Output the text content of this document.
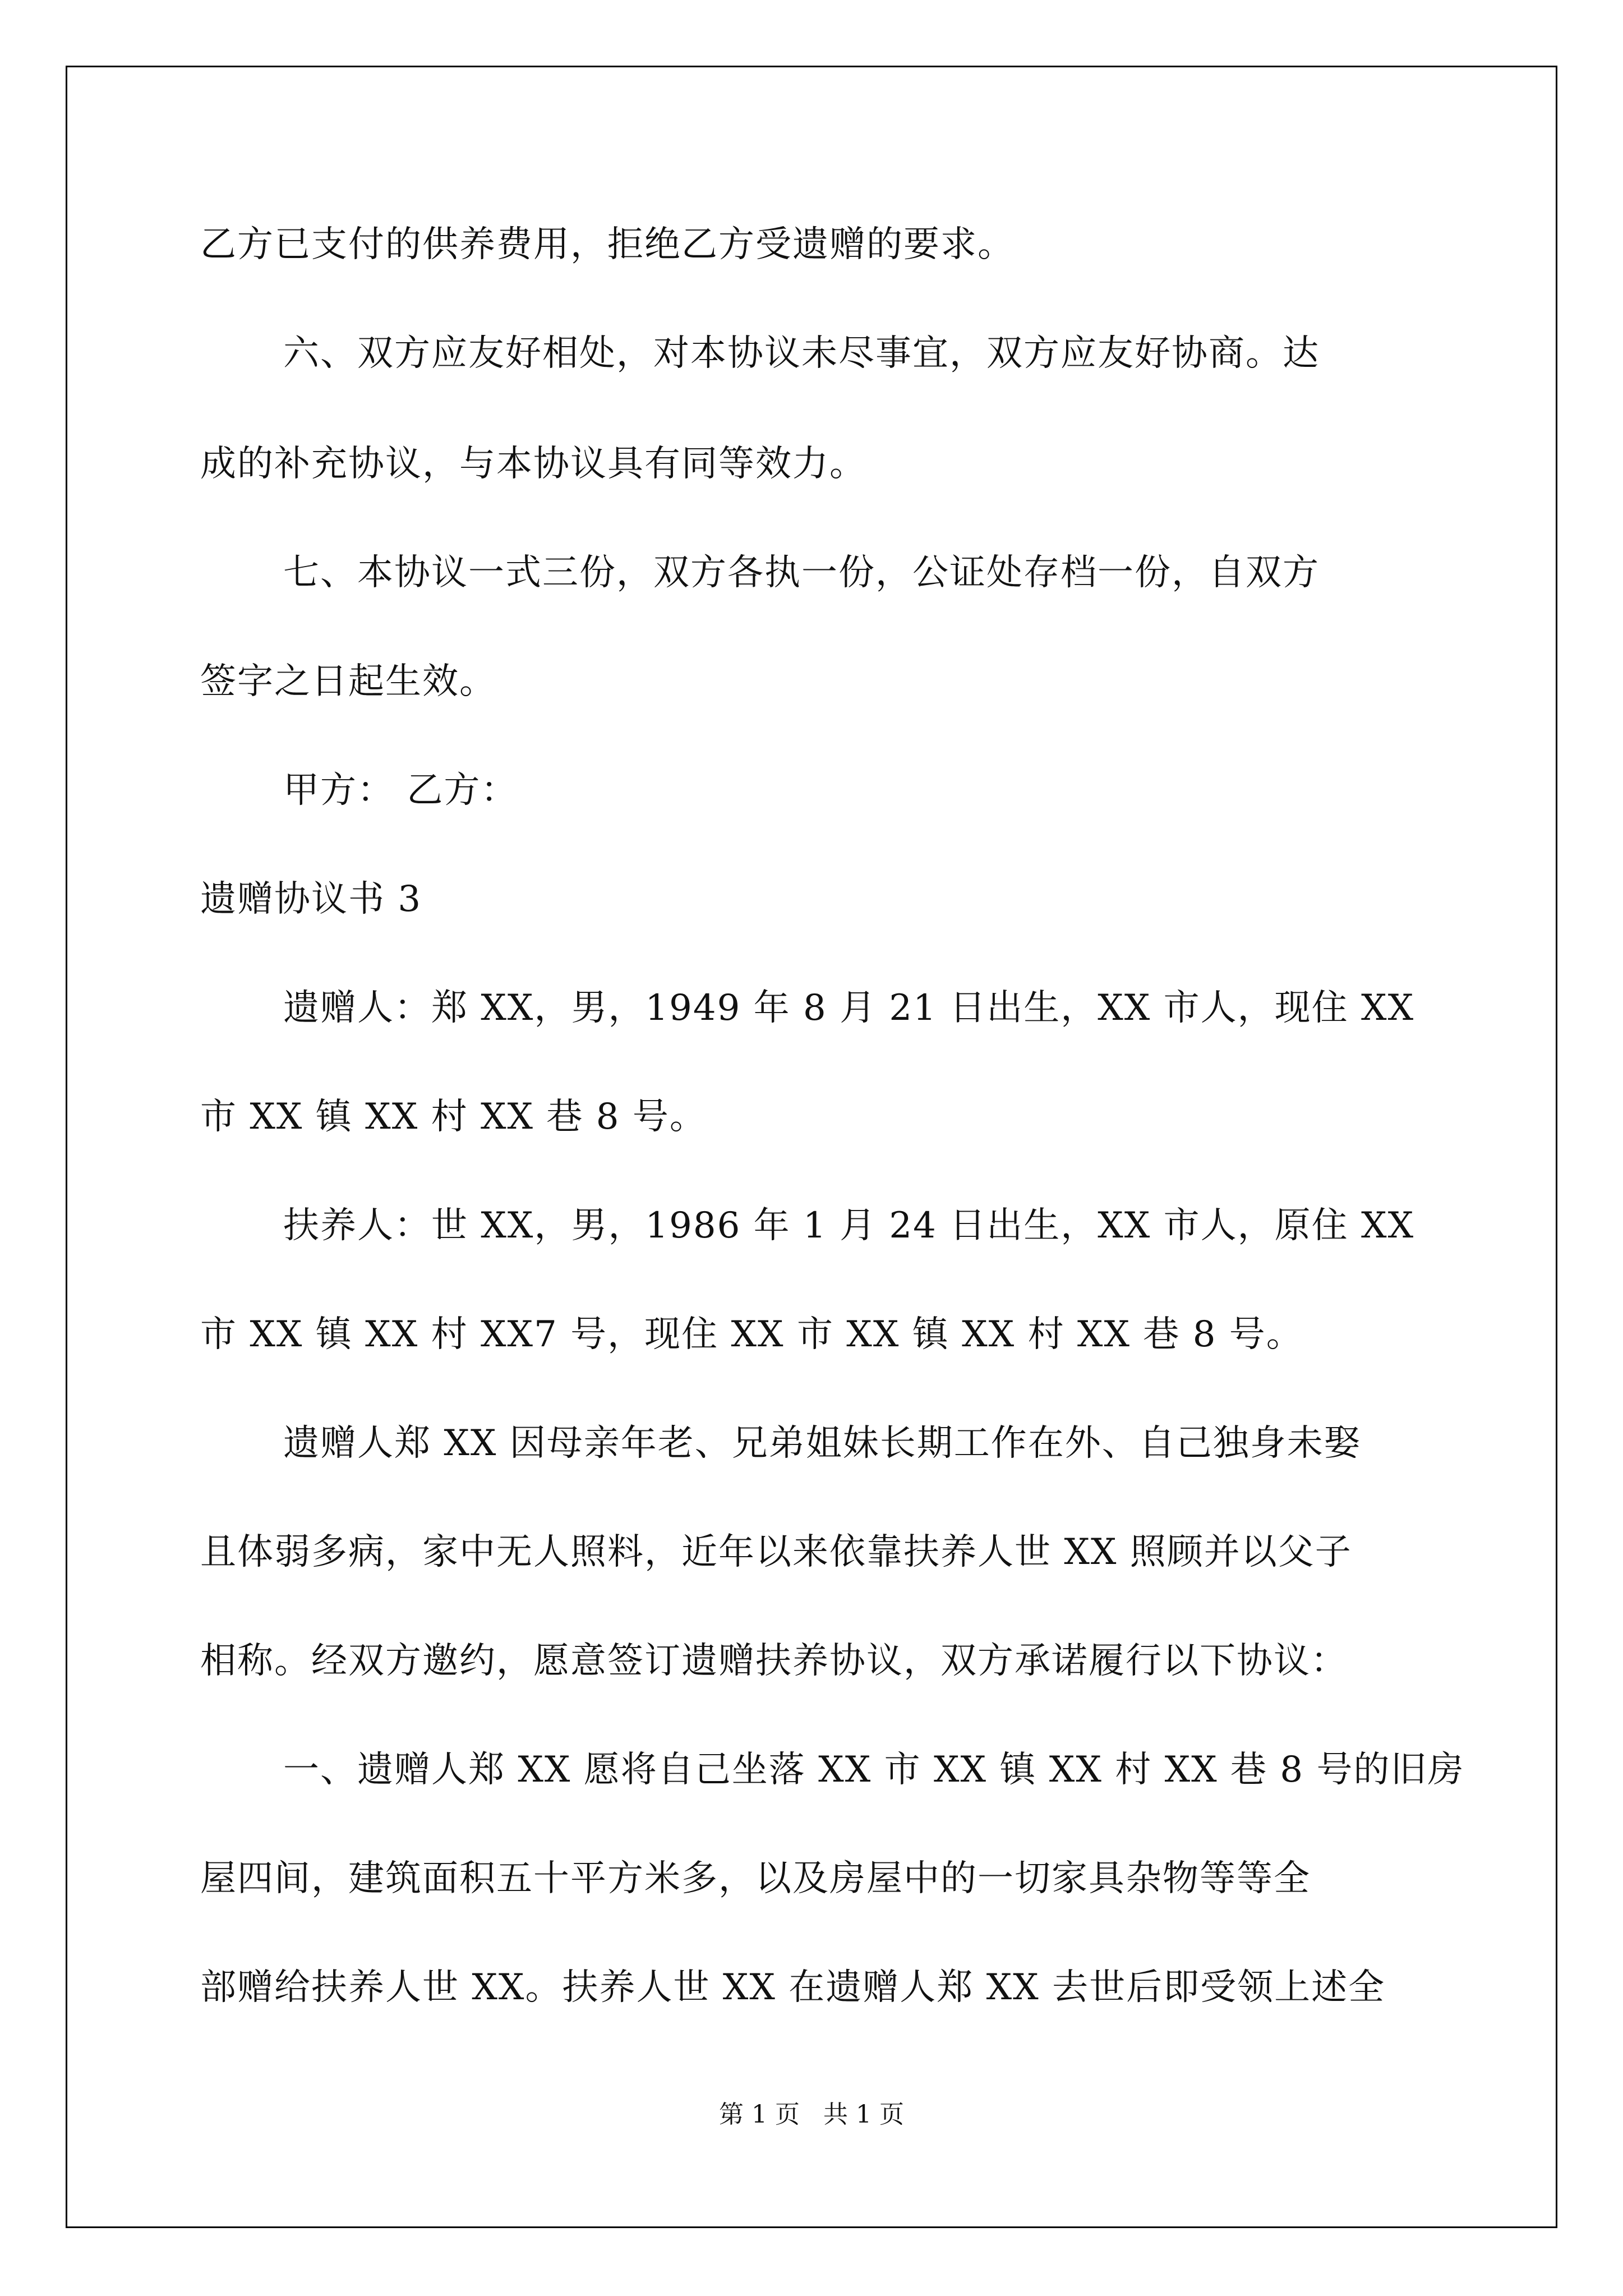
乙方已支付的供养费用，拒绝乙方受遗赠的要求。
六、双方应友好相处，对本协议未尽事宜，双方应友好协商。达
成的补充协议，与本协议具有同等效力。
七、本协议一式三份，双方各执一份，公证处存档一份，自双方
签字之日起生效。
甲方： 乙方：
遗赠协议书 3
遗赠人：郑 XX，男，1949 年 8 月 21 日出生，XX 市人，现住 XX
市 XX 镇 XX 村 XX 巷 8 号。
扶养人：世 XX，男，1986 年 1 月 24 日出生，XX 市人，原住 XX
市 XX 镇 XX 村 XX7 号，现住 XX 市 XX 镇 XX 村 XX 巷 8 号。
遗赠人郑 XX 因母亲年老、兄弟姐妹长期工作在外、自己独身未娶
且体弱多病，家中无人照料，近年以来依靠扶养人世 XX 照顾并以父子
相称。经双方邀约，愿意签订遗赠扶养协议，双方承诺履行以下协议：
一、遗赠人郑 XX 愿将自己坐落 XX 市 XX 镇 XX 村 XX 巷 8 号的旧房
屋四间，建筑面积五十平方米多，以及房屋中的一切家具杂物等等全
部赠给扶养人世 XX。扶养人世 XX 在遗赠人郑 XX 去世后即受领上述全
第 1 页   共 1 页
